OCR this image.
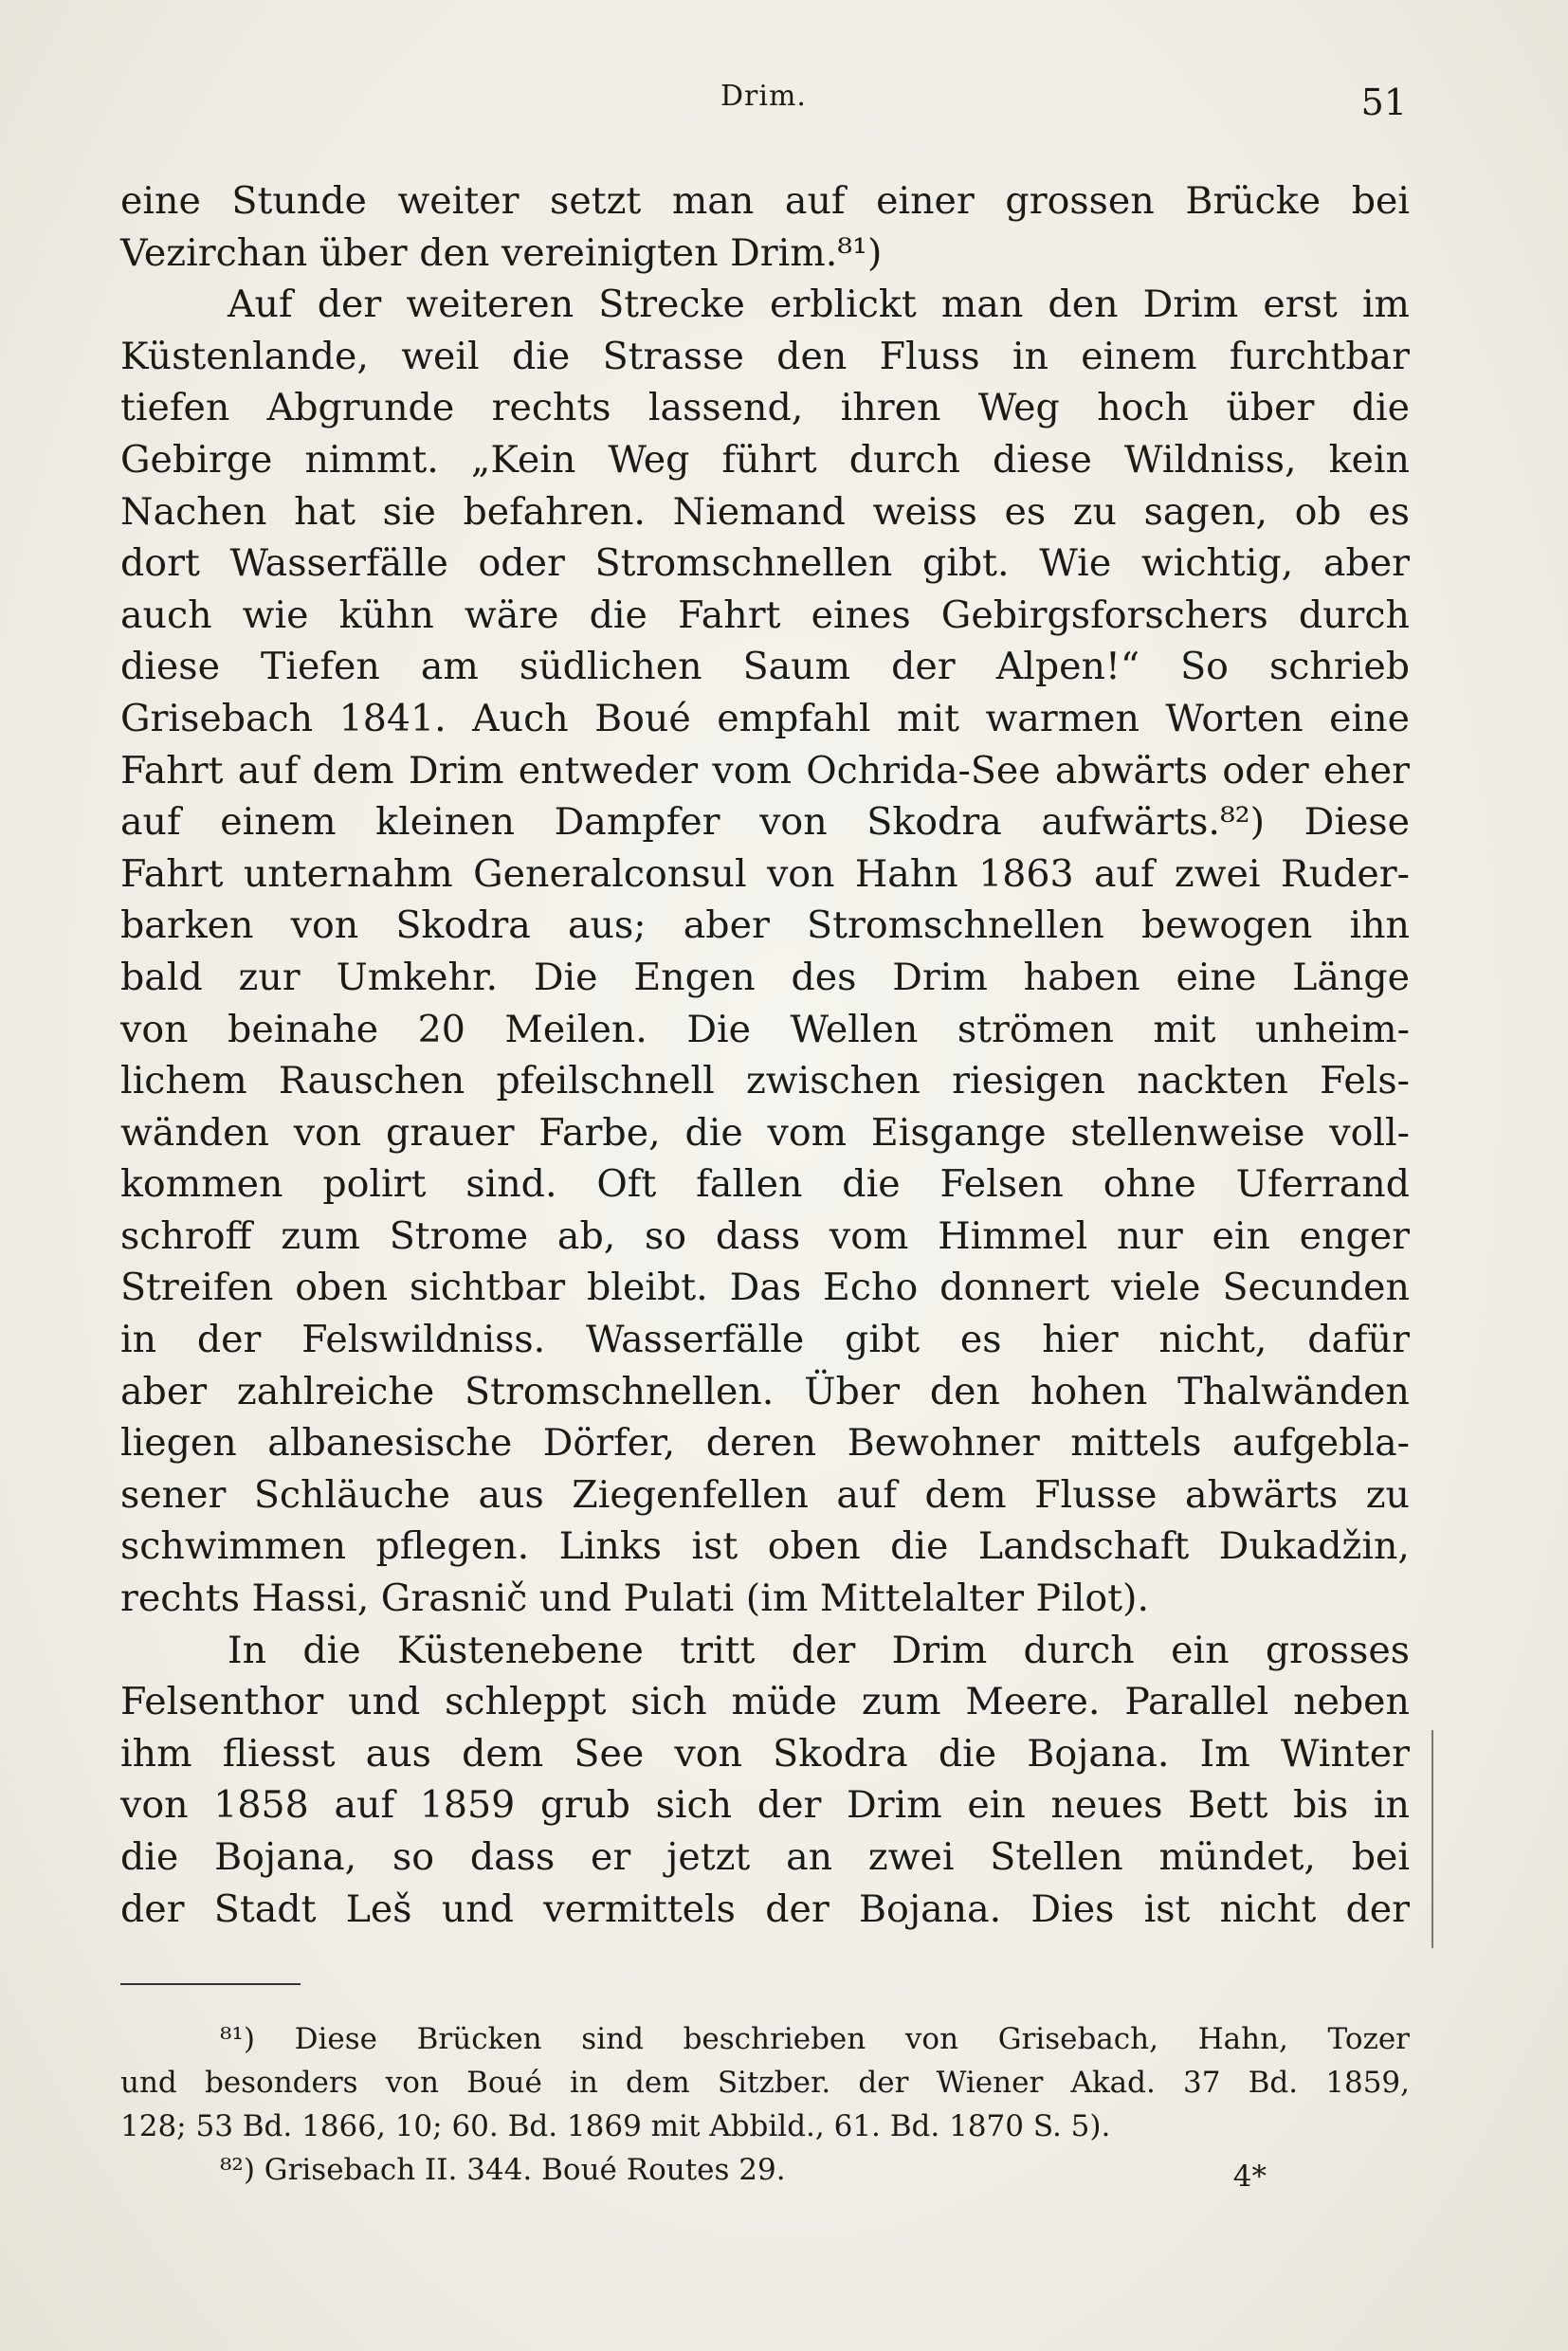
Drim.	51
eine Stunde weiter setzt man auf einer grossen Brücke bei
Vezirchan über den vereinigten Drim.⁸¹)
Auf der weiteren Strecke erblickt man den Drim erst im
Küstenlande, weil die Strasse den Fluss in einem furchtbar
tiefen Abgrunde rechts lassend, ihren Weg hoch über die
Gebirge nimmt. „Kein Weg führt durch diese Wildniss, kein
Nachen hat sie befahren. Niemand weiss es zu sagen, ob es
dort Wasserfälle oder Stromschnellen gibt. Wie wichtig, aber
auch wie kühn wäre die Fahrt eines Gebirgsforschers durch
diese Tiefen am südlichen Saum der Alpen!“ So schrieb
Grisebach 1841. Auch Boué empfahl mit warmen Worten eine
Fahrt auf dem Drim entweder vom Ochrida-See abwärts oder eher
auf einem kleinen Dampfer von Skodra aufwärts.⁸²) Diese
Fahrt unternahm Generalconsul von Hahn 1863 auf zwei Ruder-
barken von Skodra aus; aber Stromschnellen bewogen ihn
bald zur Umkehr. Die Engen des Drim haben eine Länge
von beinahe 20 Meilen. Die Wellen strömen mit unheim-
lichem Rauschen pfeilschnell zwischen riesigen nackten Fels-
wänden von grauer Farbe, die vom Eisgange stellenweise voll-
kommen polirt sind. Oft fallen die Felsen ohne Uferrand
schroff zum Strome ab, so dass vom Himmel nur ein enger
Streifen oben sichtbar bleibt. Das Echo donnert viele Secunden
in der Felswildniss. Wasserfälle gibt es hier nicht, dafür
aber zahlreiche Stromschnellen. Über den hohen Thalwänden
liegen albanesische Dörfer, deren Bewohner mittels aufgebla-
sener Schläuche aus Ziegenfellen auf dem Flusse abwärts zu
schwimmen pflegen. Links ist oben die Landschaft Dukadžin,
rechts Hassi, Grasnič und Pulati (im Mittelalter Pilot).
In die Küstenebene tritt der Drim durch ein grosses
Felsenthor und schleppt sich müde zum Meere. Parallel neben
ihm fliesst aus dem See von Skodra die Bojana. Im Winter
von 1858 auf 1859 grub sich der Drim ein neues Bett bis in
die Bojana, so dass er jetzt an zwei Stellen mündet, bei
der Stadt Leš und vermittels der Bojana. Dies ist nicht der
⁸¹) Diese Brücken sind beschrieben von Grisebach, Hahn, Tozer
und besonders von Boué in dem Sitzber. der Wiener Akad. 37 Bd. 1859,
128; 53 Bd. 1866, 10; 60. Bd. 1869 mit Abbild., 61. Bd. 1870 S. 5).
⁸²) Grisebach II. 344. Boué Routes 29.	4*
